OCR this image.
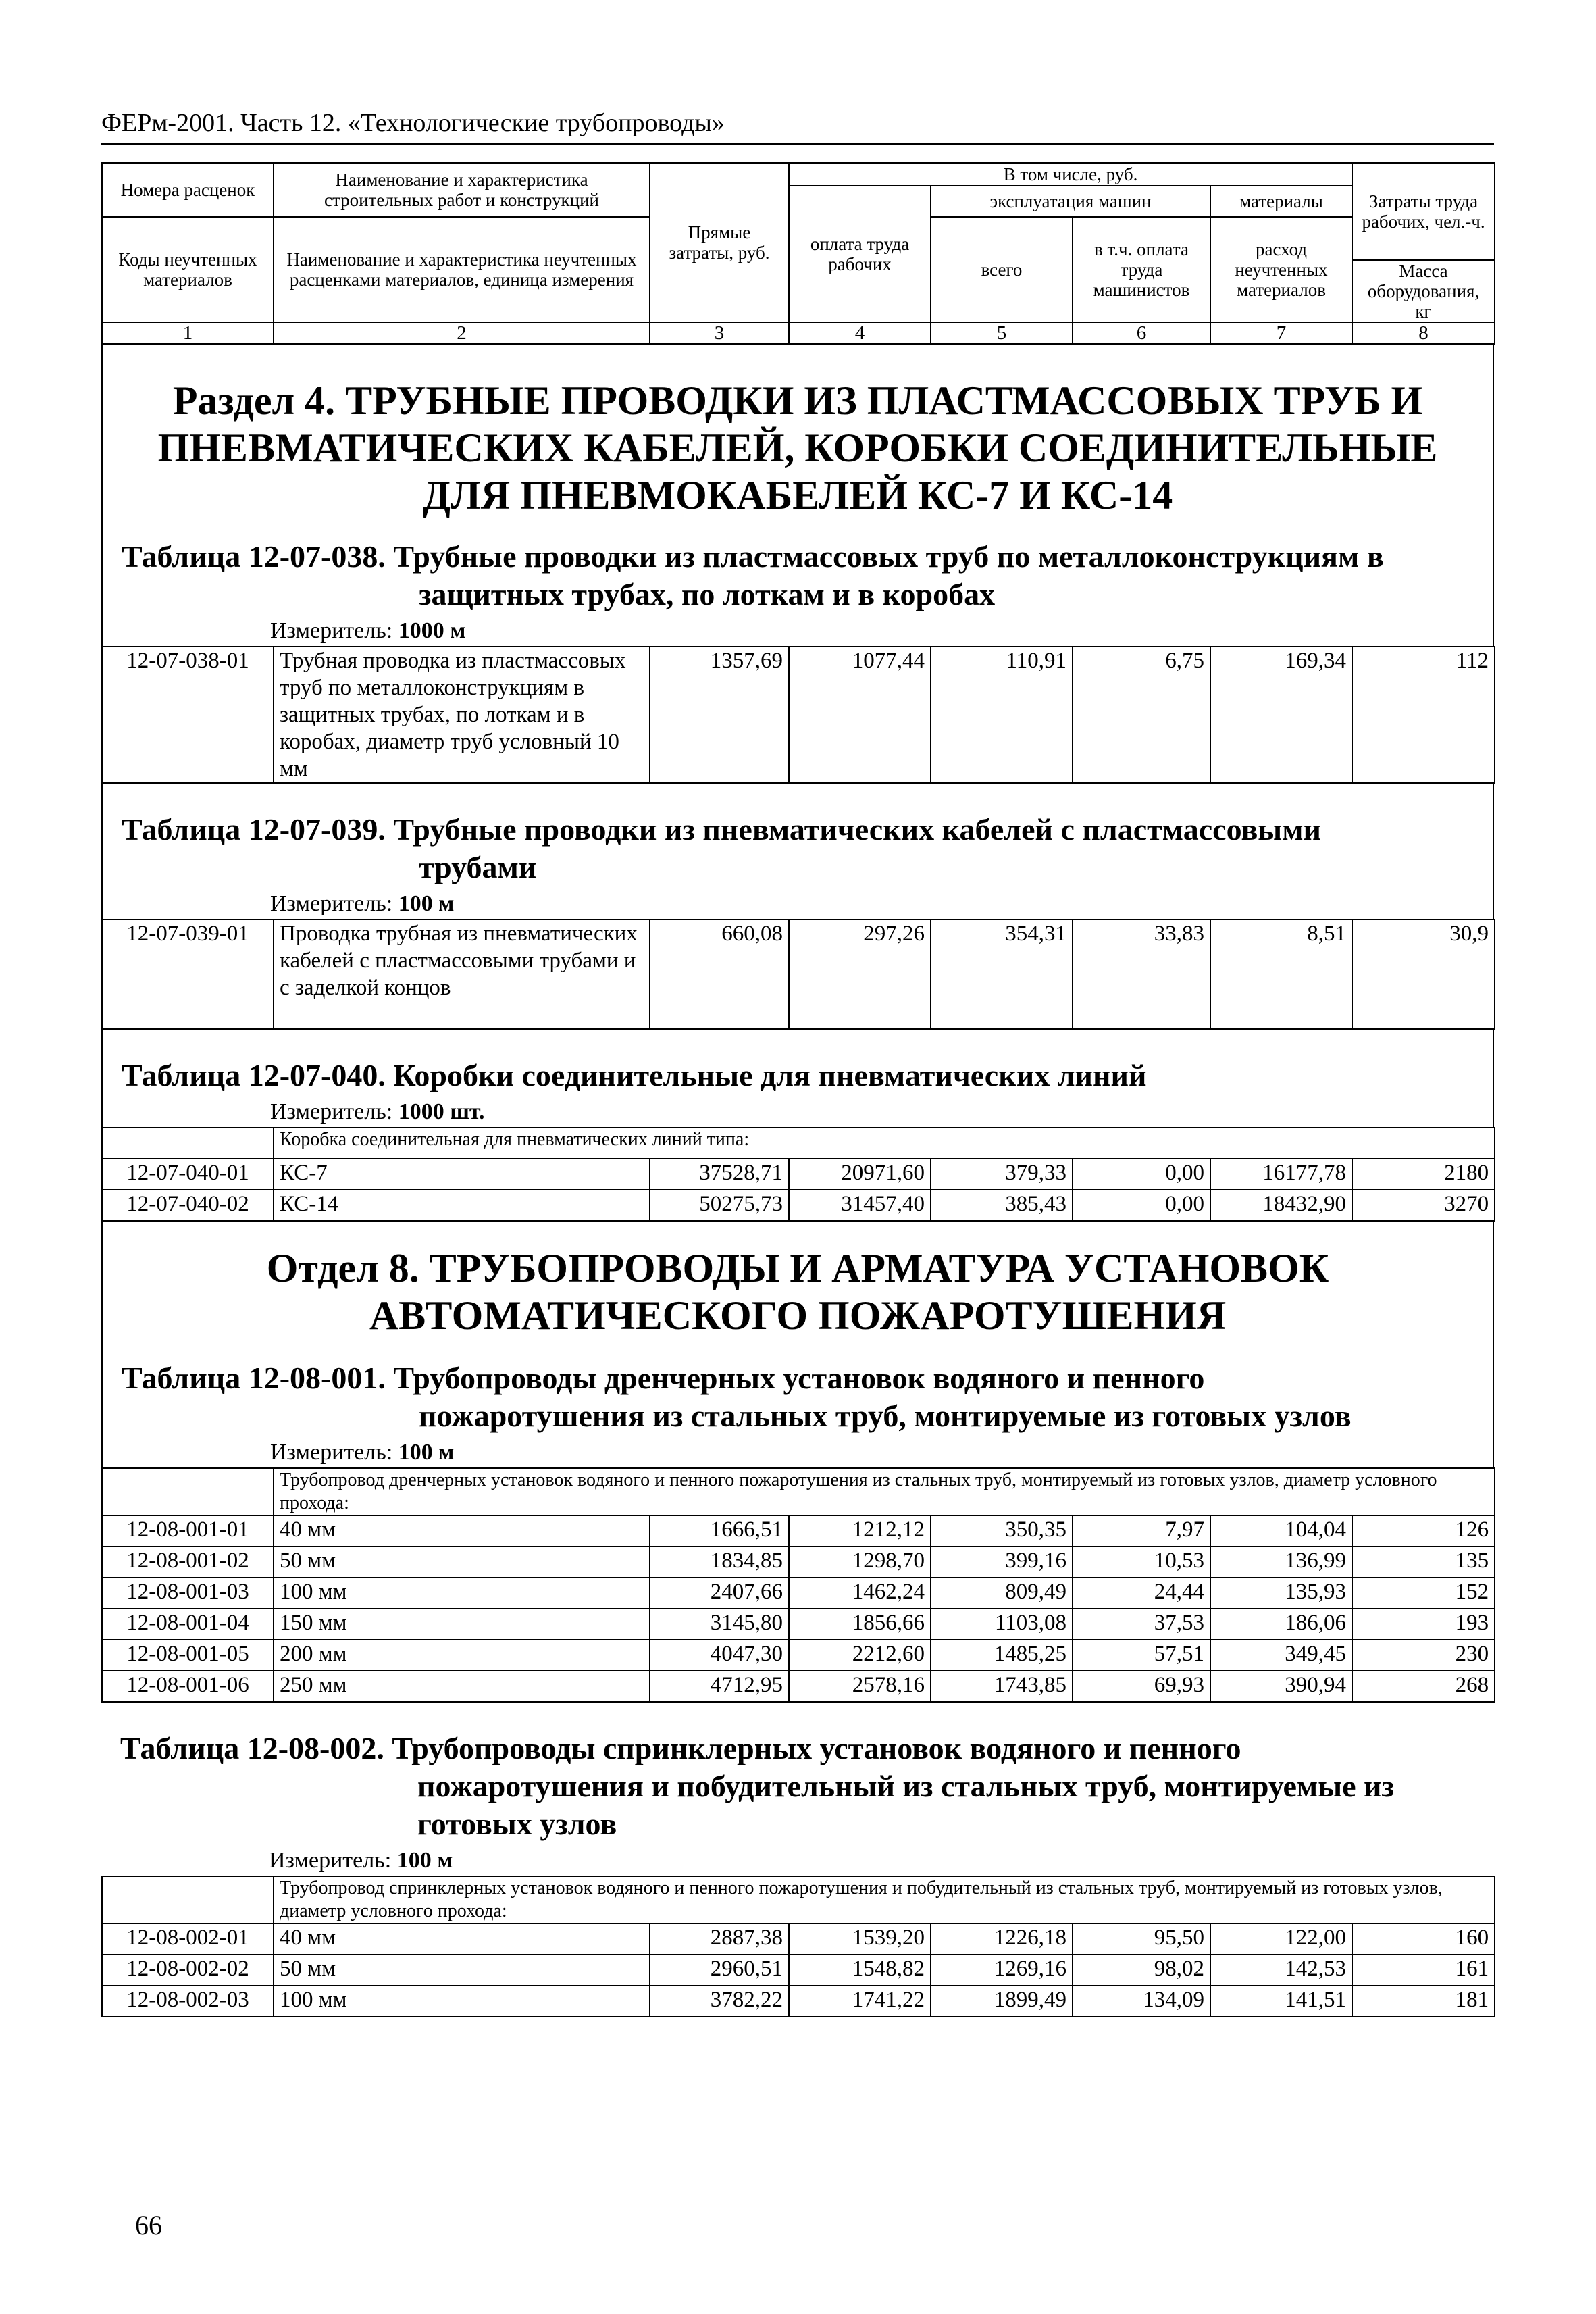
ФЕРм-2001. Часть 12. «Технологические трубопроводы»
Номера расценок	Наименование и характеристика строительных работ и конструкций	Прямые затраты, руб.	В том числе, руб.				Затраты труда рабочих, чел.-ч.
			оплата труда рабочих	эксплуатация машин		материалы	
Коды неучтенных материалов	Наименование и характеристика неучтенных расценками материалов, единица измерения			всего	в т.ч. оплата труда машинистов	расход неучтенных материалов	
							Масса оборудования, кг
1	2	3	4	5	6	7	8
Раздел 4. ТРУБНЫЕ ПРОВОДКИ ИЗ ПЛАСТМАССОВЫХ ТРУБ И ПНЕВМАТИЧЕСКИХ КАБЕЛЕЙ, КОРОБКИ СОЕДИНИТЕЛЬНЫЕ ДЛЯ ПНЕВМОКАБЕЛЕЙ КС-7 И КС-14
Таблица 12-07-038. Трубные проводки из пластмассовых труб по металлоконструкциям в
защитных трубах, по лоткам и в коробах
Измеритель: 1000 м
12-07-038-01	Трубная проводка из пластмассовых труб по металлоконструкциям в защитных трубах, по лоткам и в коробах, диаметр труб условный 10 мм	1357,69	1077,44	110,91	6,75	169,34	112
Таблица 12-07-039. Трубные проводки из пневматических кабелей с пластмассовыми
трубами
Измеритель: 100 м
12-07-039-01	Проводка трубная из пневматических кабелей с пластмассовыми трубами и с заделкой концов	660,08	297,26	354,31	33,83	8,51	30,9
Таблица 12-07-040. Коробки соединительные для пневматических линий
Измеритель: 1000 шт.
	Коробка соединительная для пневматических линий типа:						
12-07-040-01	КС-7	37528,71	20971,60	379,33	0,00	16177,78	2180
12-07-040-02	КС-14	50275,73	31457,40	385,43	0,00	18432,90	3270
Отдел 8. ТРУБОПРОВОДЫ И АРМАТУРА УСТАНОВОК АВТОМАТИЧЕСКОГО ПОЖАРОТУШЕНИЯ
Таблица 12-08-001. Трубопроводы дренчерных установок водяного и пенного
пожаротушения из стальных труб, монтируемые из готовых узлов
Измеритель: 100 м
	Трубопровод дренчерных установок водяного и пенного пожаротушения из стальных труб, монтируемый из готовых узлов, диаметр условного прохода:						
12-08-001-01	40 мм	1666,51	1212,12	350,35	7,97	104,04	126
12-08-001-02	50 мм	1834,85	1298,70	399,16	10,53	136,99	135
12-08-001-03	100 мм	2407,66	1462,24	809,49	24,44	135,93	152
12-08-001-04	150 мм	3145,80	1856,66	1103,08	37,53	186,06	193
12-08-001-05	200 мм	4047,30	2212,60	1485,25	57,51	349,45	230
12-08-001-06	250 мм	4712,95	2578,16	1743,85	69,93	390,94	268
Таблица 12-08-002. Трубопроводы спринклерных установок водяного и пенного
пожаротушения и побудительный из стальных труб, монтируемые из
готовых узлов
Измеритель: 100 м
	Трубопровод спринклерных установок водяного и пенного пожаротушения и побудительный из стальных труб, монтируемый из готовых узлов, диаметр условного прохода:						
12-08-002-01	40 мм	2887,38	1539,20	1226,18	95,50	122,00	160
12-08-002-02	50 мм	2960,51	1548,82	1269,16	98,02	142,53	161
12-08-002-03	100 мм	3782,22	1741,22	1899,49	134,09	141,51	181
66
